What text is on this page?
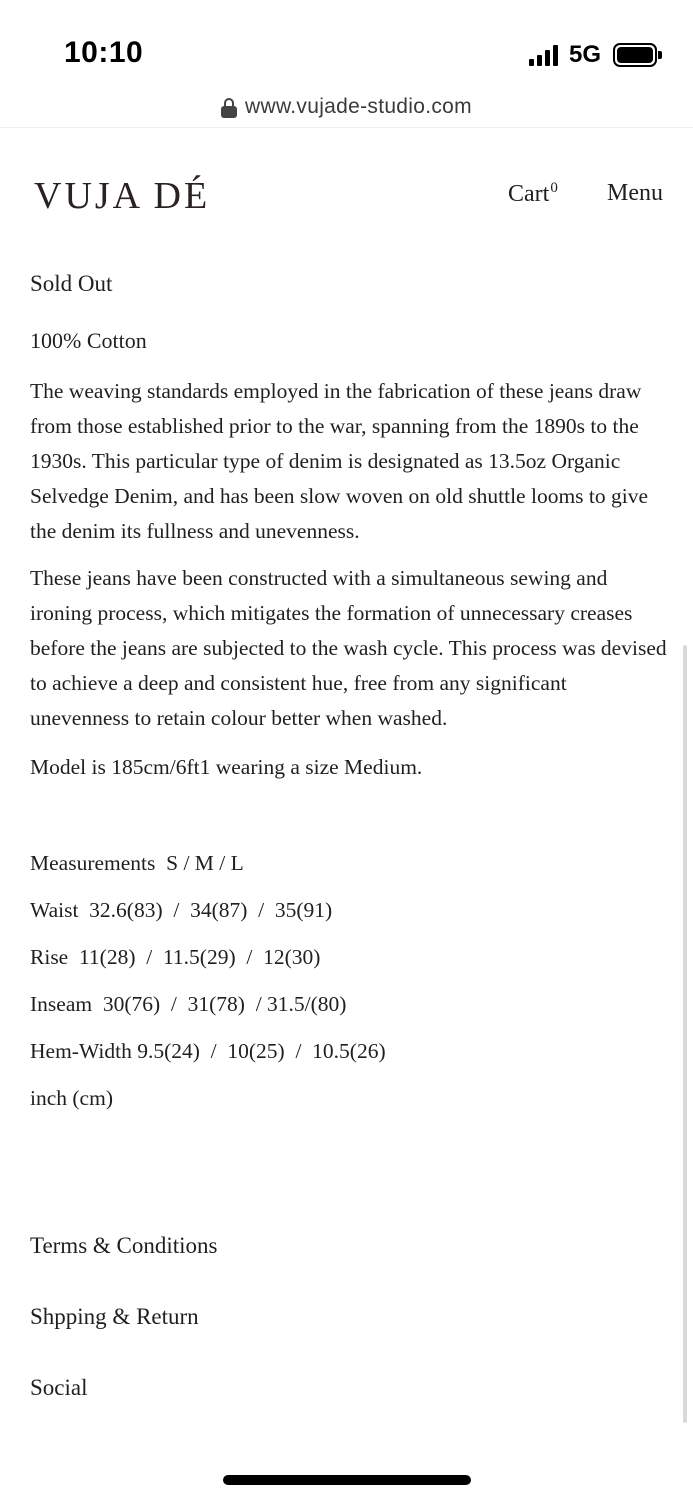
10:10	5G
www.vujade-studio.com
VUJA DÉ	Cart$^0$ Menu
Sold Out
100% Cotton

The weaving standards employed in the fabrication of these jeans draw from those established prior to the war, spanning from the 1890s to the 1930s. This particular type of denim is designated as 13.5oz Organic Selvedge Denim, and has been slow woven on old shuttle looms to give the denim its fullness and unevenness.

These jeans have been constructed with a simultaneous sewing and ironing process, which mitigates the formation of unnecessary creases before the jeans are subjected to the wash cycle. This process was devised to achieve a deep and consistent hue, free from any significant unevenness to retain colour better when washed.

Model is 185cm/6ft1 wearing a size Medium.
Measurements  S / M / L
Waist  32.6(83)  /  34(87)  /  35(91)
Rise  11(28)  /  11.5(29)  /  12(30)
Inseam  30(76)  /  31(78)  / 31.5/(80)
Hem-Width 9.5(24)  /  10(25)  /  10.5(26)
inch (cm)
Terms & Conditions
Shpping & Return
Social
